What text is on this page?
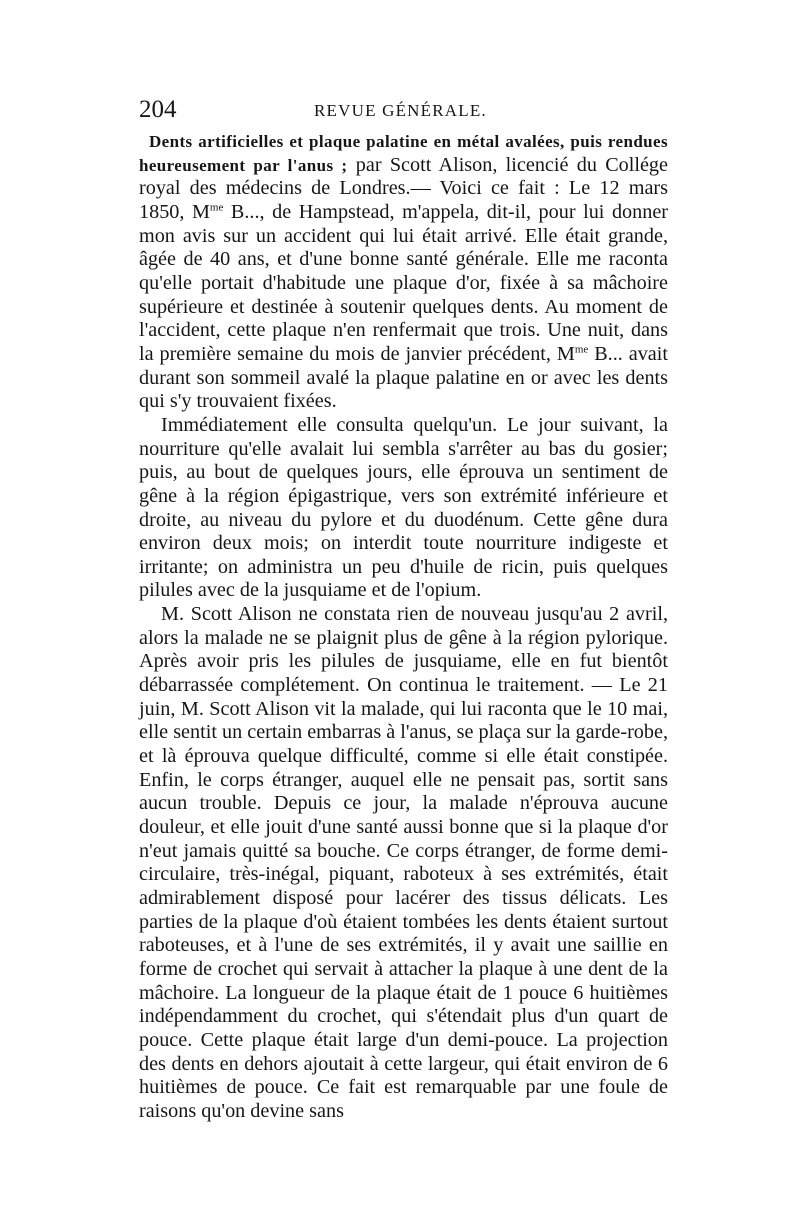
204	REVUE GÉNÉRALE.

Dents artificielles et plaque palatine en métal avalées, puis rendues heureusement par l'anus ; par Scott Alison, licencié du Collége royal des médecins de Londres.— Voici ce fait : Le 12 mars 1850, $M^{me}$ B..., de Hampstead, m'appela, dit-il, pour lui donner mon avis sur un accident qui lui était arrivé. Elle était grande, âgée de 40 ans, et d'une bonne santé générale. Elle me raconta qu'elle portait d'habitude une plaque d'or, fixée à sa mâchoire supérieure et destinée à soutenir quelques dents. Au moment de l'accident, cette plaque n'en renfermait que trois. Une nuit, dans la première semaine du mois de janvier précédent, $M^{me}$ B... avait durant son sommeil avalé la plaque palatine en or avec les dents qui s'y trouvaient fixées.

Immédiatement elle consulta quelqu'un. Le jour suivant, la nourriture qu'elle avalait lui sembla s'arrêter au bas du gosier; puis, au bout de quelques jours, elle éprouva un sentiment de gêne à la région épigastrique, vers son extrémité inférieure et droite, au niveau du pylore et du duodénum. Cette gêne dura environ deux mois; on interdit toute nourriture indigeste et irritante; on administra un peu d'huile de ricin, puis quelques pilules avec de la jusquiame et de l'opium.

M. Scott Alison ne constata rien de nouveau jusqu'au 2 avril, alors la malade ne se plaignit plus de gêne à la région pylorique. Après avoir pris les pilules de jusquiame, elle en fut bientôt débarrassée complétement. On continua le traitement. — Le 21 juin, M. Scott Alison vit la malade, qui lui raconta que le 10 mai, elle sentit un certain embarras à l'anus, se plaça sur la garde-robe, et là éprouva quelque difficulté, comme si elle était constipée. Enfin, le corps étranger, auquel elle ne pensait pas, sortit sans aucun trouble. Depuis ce jour, la malade n'éprouva aucune douleur, et elle jouit d'une santé aussi bonne que si la plaque d'or n'eut jamais quitté sa bouche. Ce corps étranger, de forme demi-circulaire, très-inégal, piquant, raboteux à ses extrémités, était admirablement disposé pour lacérer des tissus délicats. Les parties de la plaque d'où étaient tombées les dents étaient surtout raboteuses, et à l'une de ses extrémités, il y avait une saillie en forme de crochet qui servait à attacher la plaque à une dent de la mâchoire. La longueur de la plaque était de 1 pouce 6 huitièmes indépendamment du crochet, qui s'étendait plus d'un quart de pouce. Cette plaque était large d'un demi-pouce. La projection des dents en dehors ajoutait à cette largeur, qui était environ de 6 huitièmes de pouce. Ce fait est remarquable par une foule de raisons qu'on devine sans
